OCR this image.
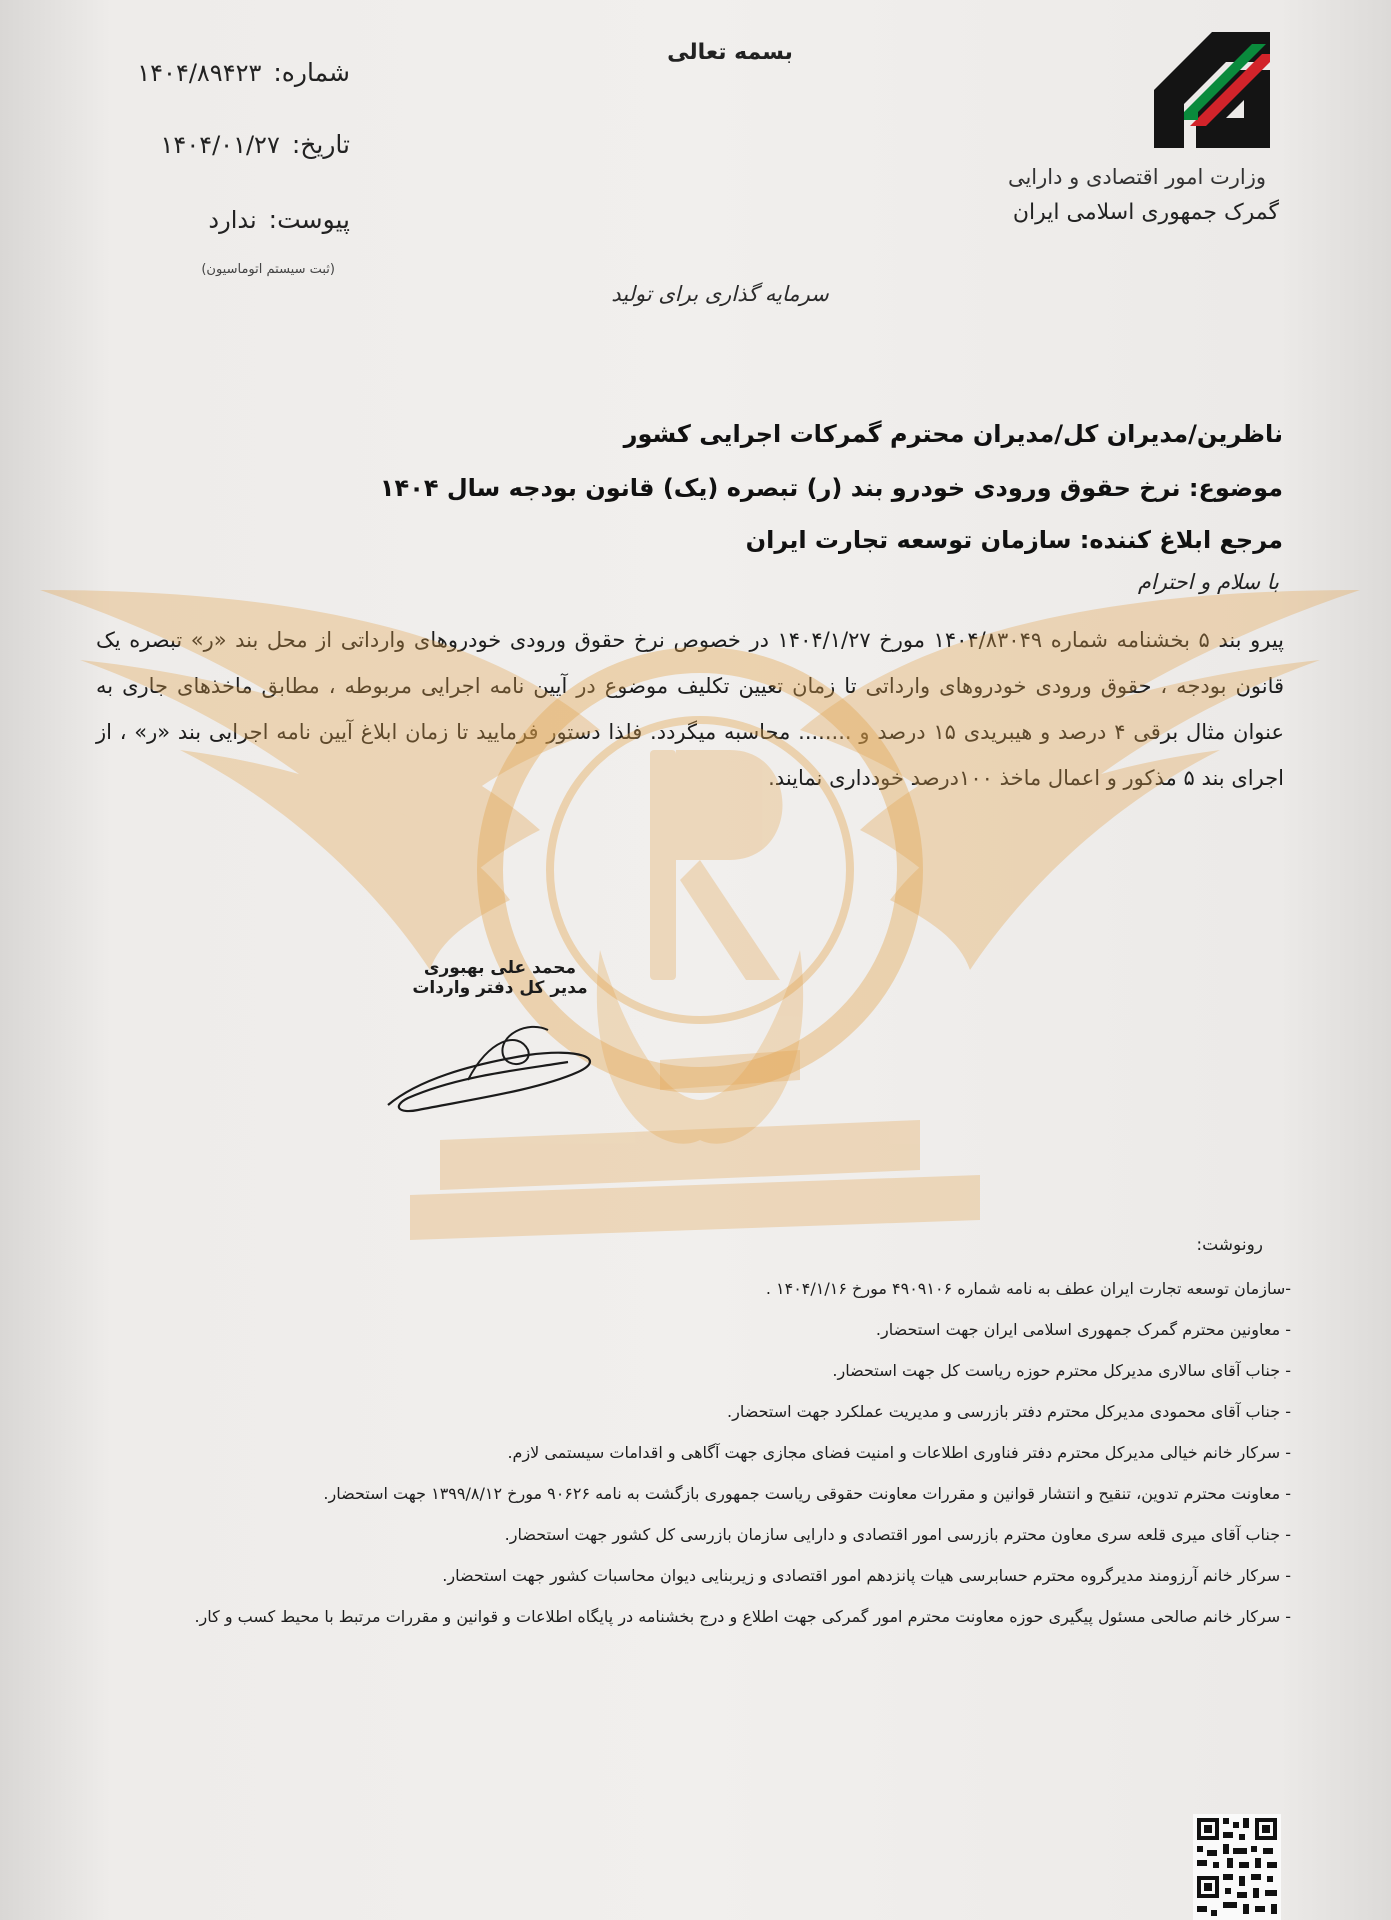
وزارت امور اقتصادی و دارایی
گمرک جمهوری اسلامی ایران
بسمه تعالی
شماره:
۱۴۰۴/۸۹۴۲۳
تاریخ:
۱۴۰۴/۰۱/۲۷
پیوست:
ندارد
(ثبت سیستم اتوماسیون)
سرمایه گذاری برای تولید
ناظرین/مدیران کل/مدیران محترم گمرکات اجرایی کشور
موضوع: نرخ حقوق ورودی خودرو بند (ر) تبصره (یک) قانون بودجه سال ۱۴۰۴
مرجع ابلاغ کننده: سازمان توسعه تجارت ایران
با سلام و احترام
پیرو بند ۵ بخشنامه شماره ۱۴۰۴/۸۳۰۴۹ مورخ ۱۴۰۴/۱/۲۷ در خصوص نرخ حقوق ورودی خودروهای وارداتی از محل بند «ر» تبصره یک قانون بودجه ، حقوق ورودی خودروهای وارداتی تا زمان تعیین تکلیف موضوع در آیین نامه اجرایی مربوطه ، مطابق ماخذهای جاری به عنوان مثال برقی ۴ درصد و هیبریدی ۱۵ درصد و ........ محاسبه میگردد. فلذا دستور فرمایید تا زمان ابلاغ آیین نامه اجرایی بند «ر» ، از اجرای بند ۵ مذکور و اعمال ماخذ ۱۰۰درصد خودداری نمایند.
محمد علی بهبوری
مدیر کل دفتر واردات
رونوشت:
-سازمان توسعه تجارت ایران عطف به نامه شماره ۴۹۰۹۱۰۶ مورخ ۱۴۰۴/۱/۱۶ .
- معاونین محترم گمرک جمهوری اسلامی ایران جهت استحضار.
- جناب آقای سالاری مدیرکل محترم حوزه ریاست کل جهت استحضار.
- جناب آقای محمودی مدیرکل محترم دفتر بازرسی و مدیریت عملکرد جهت استحضار.
- سرکار خانم خیالی مدیرکل محترم دفتر فناوری اطلاعات و امنیت فضای مجازی جهت آگاهی و اقدامات سیستمی لازم.
- معاونت محترم تدوین، تنقیح و انتشار قوانین و مقررات معاونت حقوقی ریاست جمهوری بازگشت به نامه ۹۰۶۲۶ مورخ ۱۳۹۹/۸/۱۲ جهت استحضار.
- جناب آقای میری قلعه سری معاون محترم بازرسی امور اقتصادی و دارایی سازمان بازرسی کل کشور جهت استحضار.
- سرکار خانم آرزومند مدیرگروه محترم حسابرسی هیات پانزدهم امور اقتصادی و زیربنایی دیوان محاسبات کشور جهت استحضار.
- سرکار خانم صالحی مسئول پیگیری حوزه معاونت محترم امور گمرکی جهت اطلاع و درج بخشنامه در پایگاه اطلاعات و قوانین و مقررات مرتبط با محیط کسب و کار.
